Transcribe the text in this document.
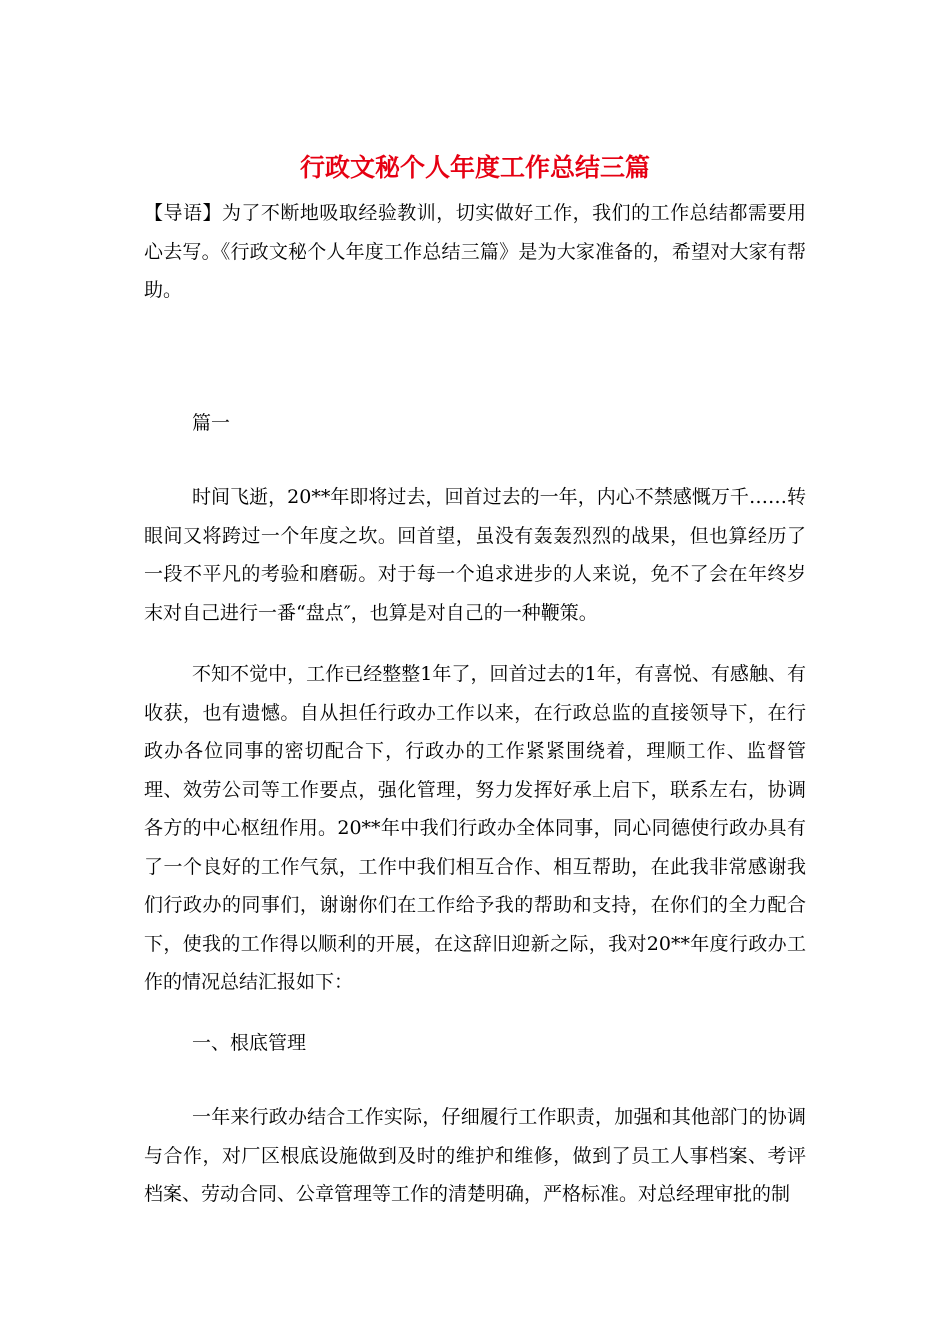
行政文秘个人年度工作总结三篇

【导语】为了不断地吸取经验教训，切实做好工作，我们的工作总结都需要用心去写。《行政文秘个人年度工作总结三篇》是为大家准备的，希望对大家有帮助。

篇一

时间飞逝，20**年即将过去，回首过去的一年，内心不禁感慨万千……转眼间又将跨过一个年度之坎。回首望，虽没有轰轰烈烈的战果，但也算经历了一段不平凡的考验和磨砺。对于每一个追求进步的人来说，免不了会在年终岁末对自己进行一番“盘点″，也算是对自己的一种鞭策。

不知不觉中，工作已经整整1年了，回首过去的1年，有喜悦、有感触、有收获，也有遗憾。自从担任行政办工作以来，在行政总监的直接领导下，在行政办各位同事的密切配合下，行政办的工作紧紧围绕着，理顺工作、监督管理、效劳公司等工作要点，强化管理，努力发挥好承上启下，联系左右，协调各方的中心枢纽作用。20**年中我们行政办全体同事，同心同德使行政办具有了一个良好的工作气氛，工作中我们相互合作、相互帮助，在此我非常感谢我们行政办的同事们，谢谢你们在工作给予我的帮助和支持，在你们的全力配合下，使我的工作得以顺利的开展，在这辞旧迎新之际，我对20**年度行政办工作的情况总结汇报如下：

一、根底管理

一年来行政办结合工作实际，仔细履行工作职责，加强和其他部门的协调与合作，对厂区根底设施做到及时的维护和维修，做到了员工人事档案、考评档案、劳动合同、公章管理等工作的清楚明确，严格标准。对总经理审批的制
